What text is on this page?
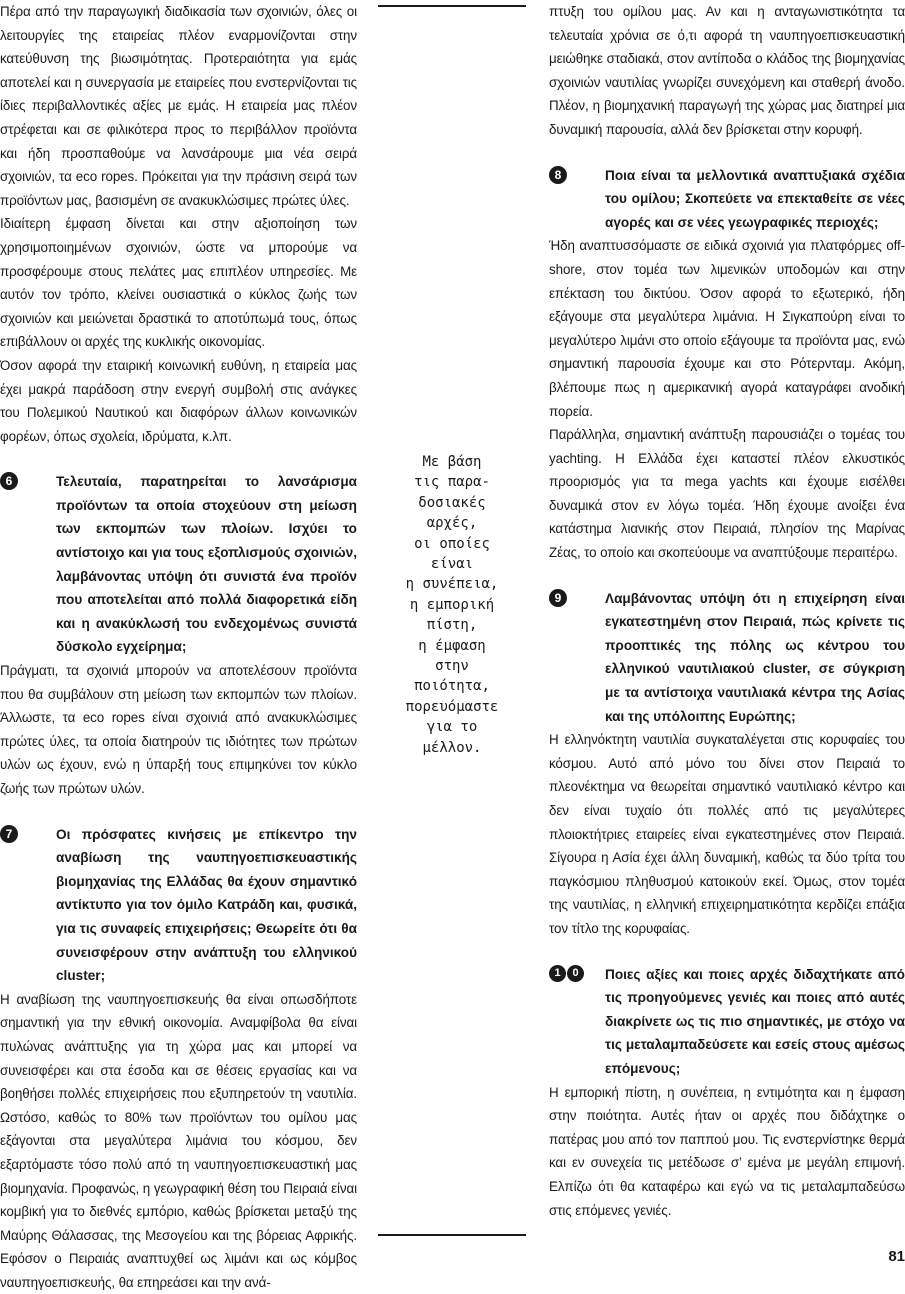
Πέρα από την παραγωγική διαδικασία των σχοινιών, όλες οι λειτουργίες της εταιρείας πλέον εναρμονίζονται στην κατεύθυνση της βιωσιμότητας. Προτεραιότητα για εμάς αποτελεί και η συνεργασία με εταιρείες που ενστερνίζονται τις ίδιες περιβαλλοντικές αξίες με εμάς. Η εταιρεία μας πλέον στρέφεται και σε φιλικότερα προς το περιβάλλον προϊόντα και ήδη προσπαθούμε να λανσάρουμε μια νέα σειρά σχοινιών, τα eco ropes. Πρόκειται για την πράσινη σειρά των προϊόντων μας, βασισμένη σε ανακυκλώσιμες πρώτες ύλες.

Ιδιαίτερη έμφαση δίνεται και στην αξιοποίηση των χρησιμοποιημένων σχοινιών, ώστε να μπορούμε να προσφέρουμε στους πελάτες μας επιπλέον υπηρεσίες. Με αυτόν τον τρόπο, κλείνει ουσιαστικά ο κύκλος ζωής των σχοινιών και μειώνεται δραστικά το αποτύπωμά τους, όπως επιβάλλουν οι αρχές της κυκλικής οικονομίας.

Όσον αφορά την εταιρική κοινωνική ευθύνη, η εταιρεία μας έχει μακρά παράδοση στην ενεργή συμβολή στις ανάγκες του Πολεμικού Ναυτικού και διαφόρων άλλων κοινωνικών φορέων, όπως σχολεία, ιδρύματα, κ.λπ.

6	Τελευταία, παρατηρείται το λανσάρισμα προϊόντων τα οποία στοχεύουν στη μείωση των εκπομπών των πλοίων. Ισχύει το αντίστοιχο και για τους εξοπλισμούς σχοινιών, λαμβάνοντας υπόψη ότι συνιστά ένα προϊόν που αποτελείται από πολλά διαφορετικά είδη και η ανακύκλωσή του ενδεχομένως συνιστά δύσκολο εγχείρημα;

Πράγματι, τα σχοινιά μπορούν να αποτελέσουν προϊόντα που θα συμβάλουν στη μείωση των εκπομπών των πλοίων. Άλλωστε, τα eco ropes είναι σχοινιά από ανακυκλώσιμες πρώτες ύλες, τα οποία διατηρούν τις ιδιότητες των πρώτων υλών ως έχουν, ενώ η ύπαρξή τους επιμηκύνει τον κύκλο ζωής των πρώτων υλών.

7	Οι πρόσφατες κινήσεις με επίκεντρο την αναβίωση της ναυπηγοεπισκευαστικής βιομηχανίας της Ελλάδας θα έχουν σημαντικό αντίκτυπο για τον όμιλο Κατράδη και, φυσικά, για τις συναφείς επιχειρήσεις; Θεωρείτε ότι θα συνεισφέρουν στην ανάπτυξη του ελληνικού cluster;

Η αναβίωση της ναυπηγοεπισκευής θα είναι οπωσδήποτε σημαντική για την εθνική οικονομία. Αναμφίβολα θα είναι πυλώνας ανάπτυξης για τη χώρα μας και μπορεί να συνεισφέρει και στα έσοδα και σε θέσεις εργασίας και να βοηθήσει πολλές επιχειρήσεις που εξυπηρετούν τη ναυτιλία. Ωστόσο, καθώς το 80% των προϊόντων του ομίλου μας εξάγονται στα μεγαλύτερα λιμάνια του κόσμου, δεν εξαρτόμαστε τόσο πολύ από τη ναυπηγοεπισκευαστική μας βιομηχανία. Προφανώς, η γεωγραφική θέση του Πειραιά είναι κομβική για το διεθνές εμπόριο, καθώς βρίσκεται μεταξύ της Μαύρης Θάλασσας, της Μεσογείου και της βόρειας Αφρικής. Εφόσον ο Πειραιάς αναπτυχθεί ως λιμάνι και ως κόμβος ναυπηγοεπισκευής, θα επηρεάσει και την ανά-

Με βάση
τις παρα-
δοσιακές
αρχές,
οι οποίες
είναι
η συνέπεια,
η εμπορική
πίστη,
η έμφαση
στην
ποιότητα,
πορευόμαστε
για το
μέλλον.

πτυξη του ομίλου μας. Αν και η ανταγωνιστικότητα τα τελευταία χρόνια σε ό,τι αφορά τη ναυπηγοεπισκευαστική μειώθηκε σταδιακά, στον αντίποδα ο κλάδος της βιομηχανίας σχοινιών ναυτιλίας γνωρίζει συνεχόμενη και σταθερή άνοδο. Πλέον, η βιομηχανική παραγωγή της χώρας μας διατηρεί μια δυναμική παρουσία, αλλά δεν βρίσκεται στην κορυφή.

8	Ποια είναι τα μελλοντικά αναπτυξιακά σχέδια του ομίλου; Σκοπεύετε να επεκταθείτε σε νέες αγορές και σε νέες γεωγραφικές περιοχές;

Ήδη αναπτυσσόμαστε σε ειδικά σχοινιά για πλατφόρμες off-shore, στον τομέα των λιμενικών υποδομών και στην επέκταση του δικτύου. Όσον αφορά το εξωτερικό, ήδη εξάγουμε στα μεγαλύτερα λιμάνια. Η Σιγκαπούρη είναι το μεγαλύτερο λιμάνι στο οποίο εξάγουμε τα προϊόντα μας, ενώ σημαντική παρουσία έχουμε και στο Ρότερνταμ. Ακόμη, βλέπουμε πως η αμερικανική αγορά καταγράφει ανοδική πορεία.

Παράλληλα, σημαντική ανάπτυξη παρουσιάζει ο τομέας του yachting. Η Ελλάδα έχει καταστεί πλέον ελκυστικός προορισμός για τα mega yachts και έχουμε εισέλθει δυναμικά στον εν λόγω τομέα. Ήδη έχουμε ανοίξει ένα κατάστημα λιανικής στον Πειραιά, πλησίον της Μαρίνας Ζέας, το οποίο και σκοπεύουμε να αναπτύξουμε περαιτέρω.

9	Λαμβάνοντας υπόψη ότι η επιχείρηση είναι εγκατεστημένη στον Πειραιά, πώς κρίνετε τις προοπτικές της πόλης ως κέντρου του ελληνικού ναυτιλιακού cluster, σε σύγκριση με τα αντίστοιχα ναυτιλιακά κέντρα της Ασίας και της υπόλοιπης Ευρώπης;

Η ελληνόκτητη ναυτιλία συγκαταλέγεται στις κορυφαίες του κόσμου. Αυτό από μόνο του δίνει στον Πειραιά το πλεονέκτημα να θεωρείται σημαντικό ναυτιλιακό κέντρο και δεν είναι τυχαίο ότι πολλές από τις μεγαλύτερες πλοιοκτήτριες εταιρείες είναι εγκατεστημένες στον Πειραιά. Σίγουρα η Ασία έχει άλλη δυναμική, καθώς τα δύο τρίτα του παγκόσμιου πληθυσμού κατοικούν εκεί. Όμως, στον τομέα της ναυτιλίας, η ελληνική επιχειρηματικότητα κερδίζει επάξια τον τίτλο της κορυφαίας.

1	0	Ποιες αξίες και ποιες αρχές διδαχτήκατε από τις προηγούμενες γενιές και ποιες από αυτές διακρίνετε ως τις πιο σημαντικές, με στόχο να τις μεταλαμπαδεύσετε και εσείς στους αμέσως επόμενους;

Η εμπορική πίστη, η συνέπεια, η εντιμότητα και η έμφαση στην ποιότητα. Αυτές ήταν οι αρχές που διδάχτηκε ο πατέρας μου από τον παππού μου. Τις ενστερνίστηκε θερμά και εν συνεχεία τις μετέδωσε σ’ εμένα με μεγάλη επιμονή. Ελπίζω ότι θα καταφέρω και εγώ να τις μεταλαμπαδεύσω στις επόμενες γενιές.

81
